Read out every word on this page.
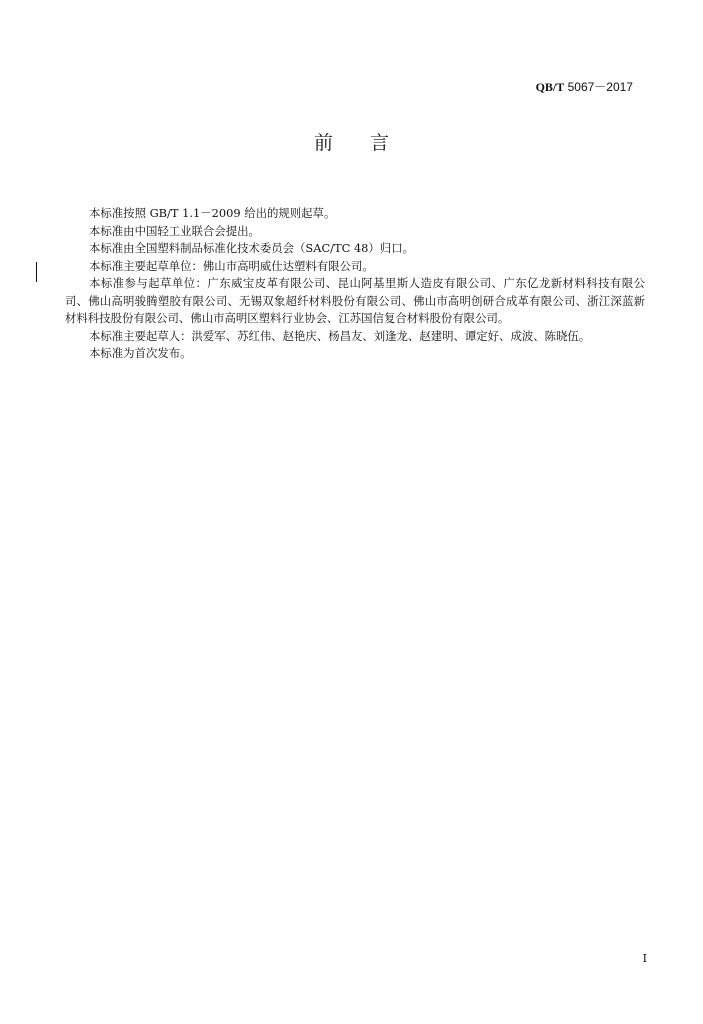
QB/T 5067－2017
前 言

本标准按照 GB/T 1.1－2009 给出的规则起草。

本标准由中国轻工业联合会提出。

本标准由全国塑料制品标准化技术委员会（SAC/TC 48）归口。

本标准主要起草单位：佛山市高明威仕达塑料有限公司。

本标准参与起草单位：广东威宝皮革有限公司、昆山阿基里斯人造皮有限公司、广东亿龙新材料科技有限公司、佛山高明骏腾塑胶有限公司、无锡双象超纤材料股份有限公司、佛山市高明创研合成革有限公司、浙江深蓝新材料科技股份有限公司、佛山市高明区塑料行业协会、江苏国信复合材料股份有限公司。

本标准主要起草人：洪爱军、苏红伟、赵艳庆、杨昌友、刘逢龙、赵建明、谭定好、成波、陈晓伍。

本标准为首次发布。

I
